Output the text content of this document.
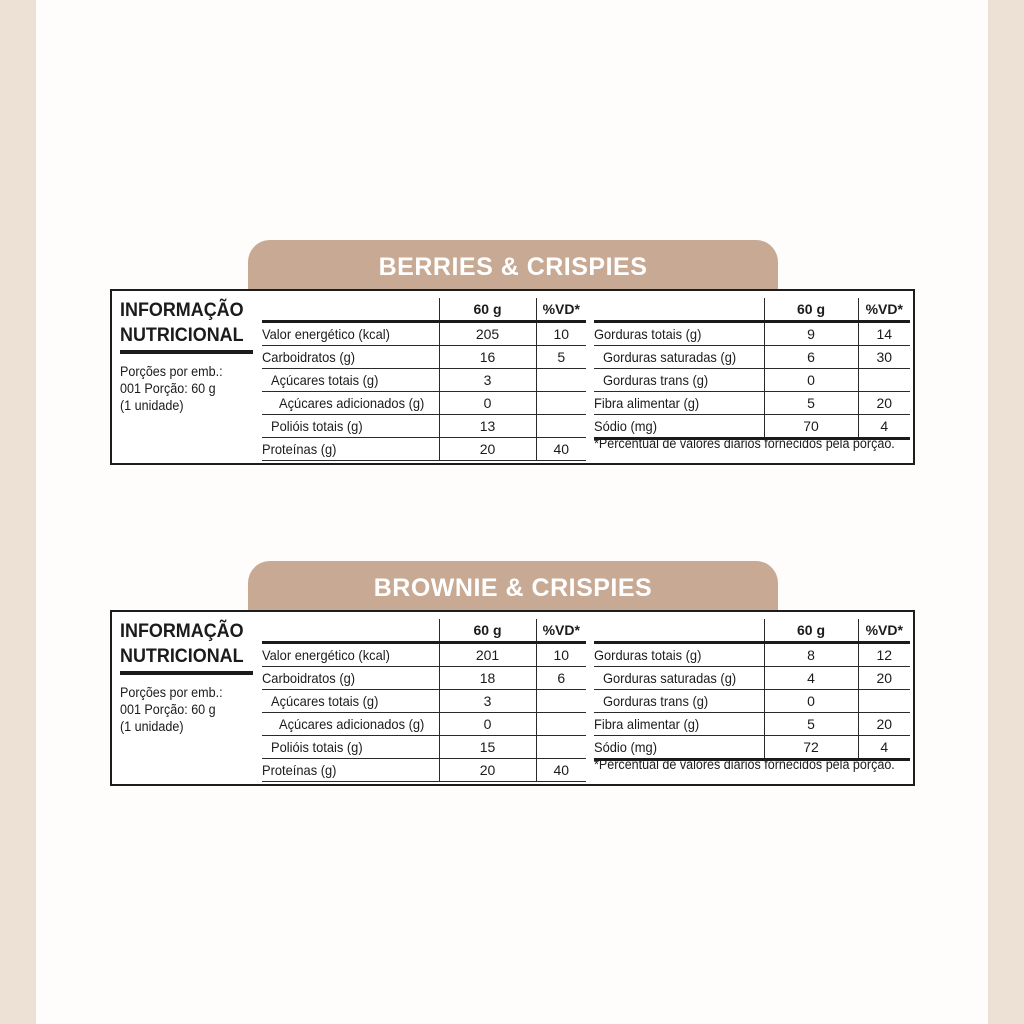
BERRIES & CRISPIES
INFORMAÇÃO
NUTRICIONAL
Porções por emb.:
001 Porção: 60 g
(1 unidade)
	60 g	%VD*
Valor energético (kcal)	205	10
Carboidratos (g)	16	5
Açúcares totais (g)	3	
Açúcares adicionados (g)	0	
Polióis totais (g)	13	
Proteínas (g)	20	40
	60 g	%VD*
Gorduras totais (g)	9	14
Gorduras saturadas (g)	6	30
Gorduras trans (g)	0	
Fibra alimentar (g)	5	20
Sódio (mg)	70	4
*Percentual de valores diários fornecidos pela porção.
BROWNIE & CRISPIES
INFORMAÇÃO
NUTRICIONAL
Porções por emb.:
001 Porção: 60 g
(1 unidade)
	60 g	%VD*
Valor energético (kcal)	201	10
Carboidratos (g)	18	6
Açúcares totais (g)	3	
Açúcares adicionados (g)	0	
Polióis totais (g)	15	
Proteínas (g)	20	40
	60 g	%VD*
Gorduras totais (g)	8	12
Gorduras saturadas (g)	4	20
Gorduras trans (g)	0	
Fibra alimentar (g)	5	20
Sódio (mg)	72	4
*Percentual de valores diários fornecidos pela porção.
